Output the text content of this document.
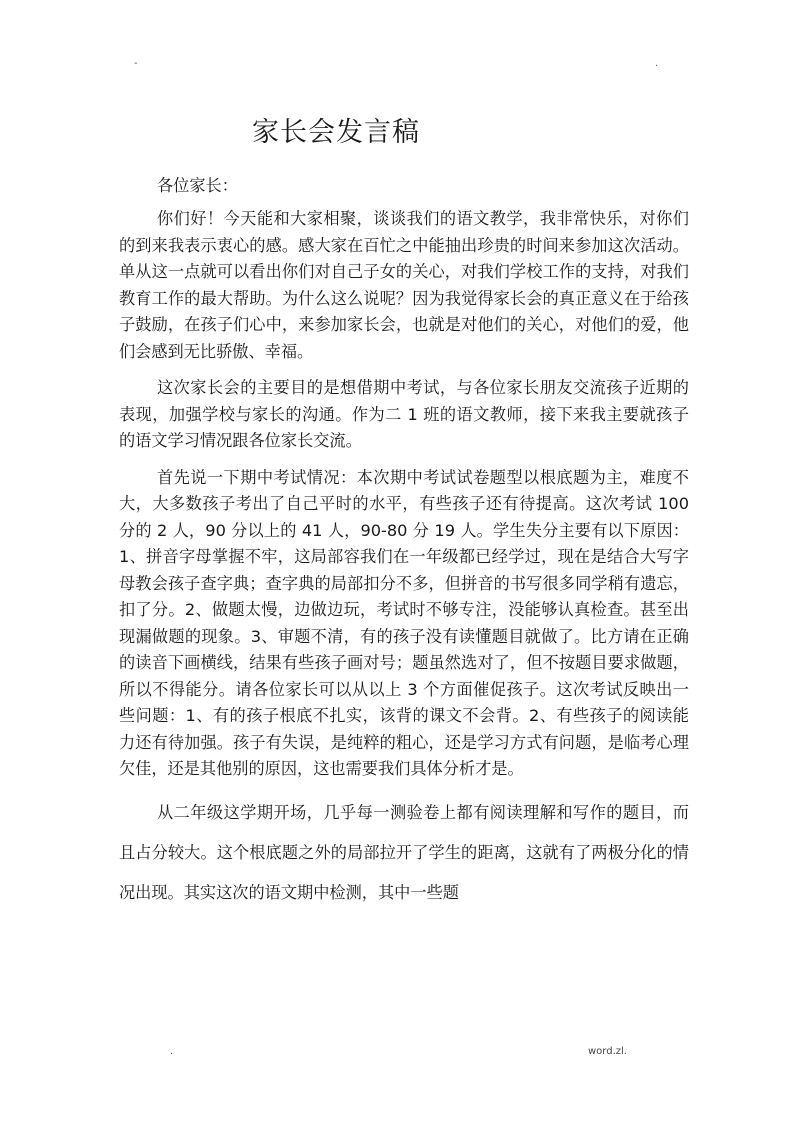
-	.
家长会发言稿
各位家长：

你们好！今天能和大家相聚，谈谈我们的语文教学，我非常快乐，对你们的到来我表示衷心的感。感大家在百忙之中能抽出珍贵的时间来参加这次活动。单从这一点就可以看出你们对自己子女的关心，对我们学校工作的支持，对我们教育工作的最大帮助。为什么这么说呢？因为我觉得家长会的真正意义在于给孩子鼓励，在孩子们心中，来参加家长会，也就是对他们的关心，对他们的爱，他们会感到无比骄傲、幸福。

这次家长会的主要目的是想借期中考试，与各位家长朋友交流孩子近期的表现，加强学校与家长的沟通。作为二 1 班的语文教师，接下来我主要就孩子的语文学习情况跟各位家长交流。

首先说一下期中考试情况：本次期中考试试卷题型以根底题为主，难度不大，大多数孩子考出了自己平时的水平，有些孩子还有待提高。这次考试 100 分的 2 人，90 分以上的 41 人，90-80 分 19 人。学生失分主要有以下原因：1、拼音字母掌握不牢，这局部容我们在一年级都已经学过，现在是结合大写字母教会孩子查字典；查字典的局部扣分不多，但拼音的书写很多同学稍有遗忘，扣了分。2、做题太慢，边做边玩，考试时不够专注，没能够认真检查。甚至出现漏做题的现象。3、审题不清，有的孩子没有读懂题目就做了。比方请在正确的读音下画横线，结果有些孩子画对号；题虽然选对了，但不按题目要求做题，所以不得能分。请各位家长可以从以上 3 个方面催促孩子。这次考试反映出一些问题：1、有的孩子根底不扎实，该背的课文不会背。2、有些孩子的阅读能力还有待加强。孩子有失误，是纯粹的粗心，还是学习方式有问题，是临考心理欠佳，还是其他别的原因，这也需要我们具体分析才是。

从二年级这学期开场，几乎每一测验卷上都有阅读理解和写作的题目，而且占分较大。这个根底题之外的局部拉开了学生的距离，这就有了两极分化的情况出现。其实这次的语文期中检测，其中一些题

.	word.zl.
